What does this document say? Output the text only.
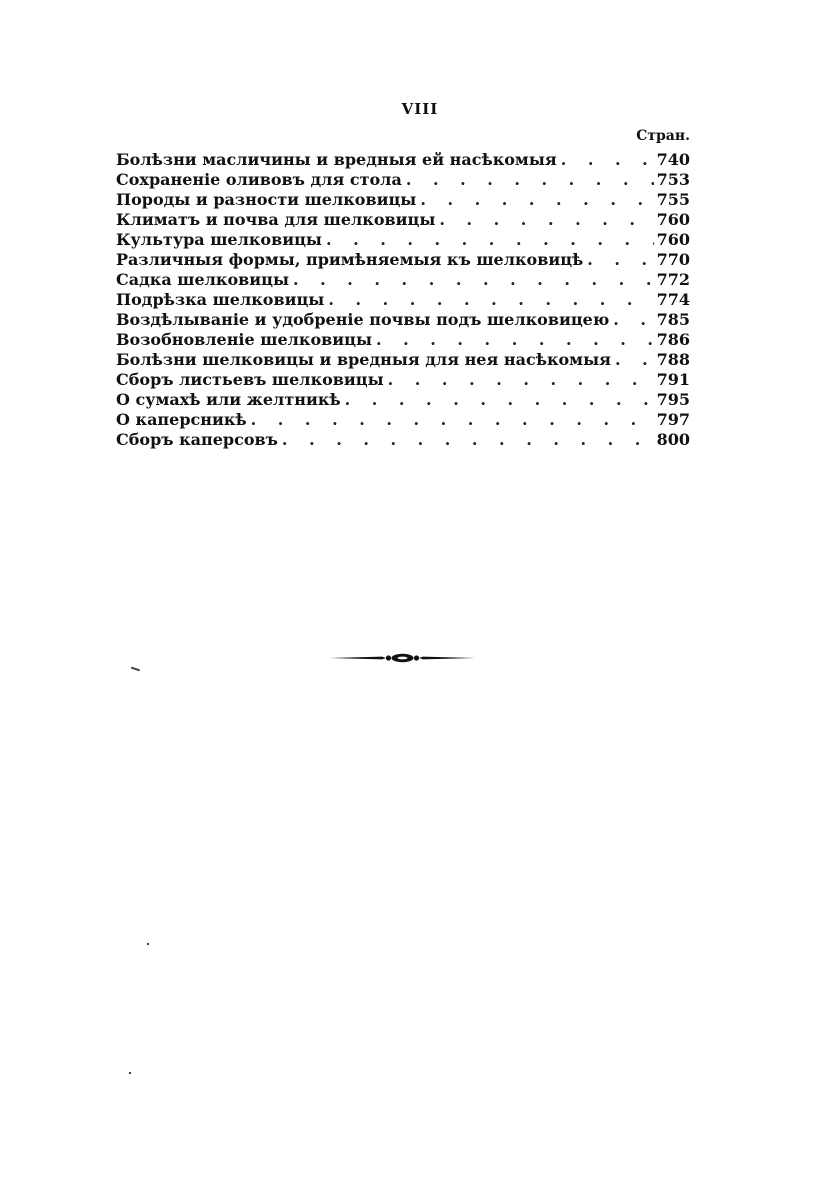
VIII
Стран.
Болѣзни масличины и вредныя ей насѣкомыя . . .	740
Сохраненіе оливовъ для стола . . .	753
Породы и разности шелковицы . . .	755
Климатъ и почва для шелковицы . . .	760
Культура шелковицы . . .	760
Различныя формы, примѣняемыя къ шелковицѣ . . .	770
Садка шелковицы . . .	772
Подрѣзка шелковицы . . .	774
Воздѣлываніе и удобреніе почвы подъ шелковицею . . .	785
Возобновленіе шелковицы . . .	786
Болѣзни шелковицы и вредныя для нея насѣкомыя . . .	788
Сборъ листьевъ шелковицы . . .	791
О сумахѣ или желтникѣ . . .	795
О каперсникѣ . . .	797
Сборъ каперсовъ . . .	800
